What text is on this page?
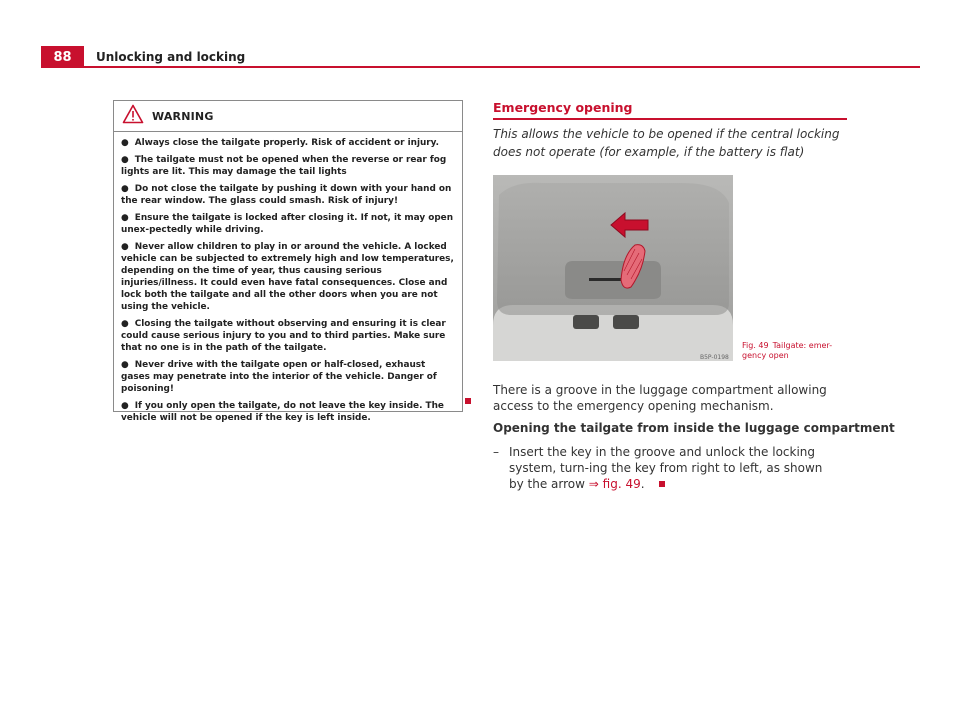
88	Unlocking and locking
WARNING
● Always close the tailgate properly. Risk of accident or injury.
● The tailgate must not be opened when the reverse or rear fog lights are lit. This may damage the tail lights
● Do not close the tailgate by pushing it down with your hand on the rear window. The glass could smash. Risk of injury!
● Ensure the tailgate is locked after closing it. If not, it may open unex-pectedly while driving.
● Never allow children to play in or around the vehicle. A locked vehicle can be subjected to extremely high and low temperatures, depending on the time of year, thus causing serious injuries/illness. It could even have fatal consequences. Close and lock both the tailgate and all the other doors when you are not using the vehicle.
● Closing the tailgate without observing and ensuring it is clear could cause serious injury to you and to third parties. Make sure that no one is in the path of the tailgate.
● Never drive with the tailgate open or half-closed, exhaust gases may penetrate into the interior of the vehicle. Danger of poisoning!
● If you only open the tailgate, do not leave the key inside. The vehicle will not be opened if the key is left inside.
Emergency opening
This allows the vehicle to be opened if the central locking does not operate (for example, if the battery is flat)
B5P-0198
Fig. 49 Tailgate: emer-gency open
There is a groove in the luggage compartment allowing access to the emergency opening mechanism.
Opening the tailgate from inside the luggage compartment
– Insert the key in the groove and unlock the locking system, turn-ing the key from right to left, as shown by the arrow ⇒ fig. 49.
